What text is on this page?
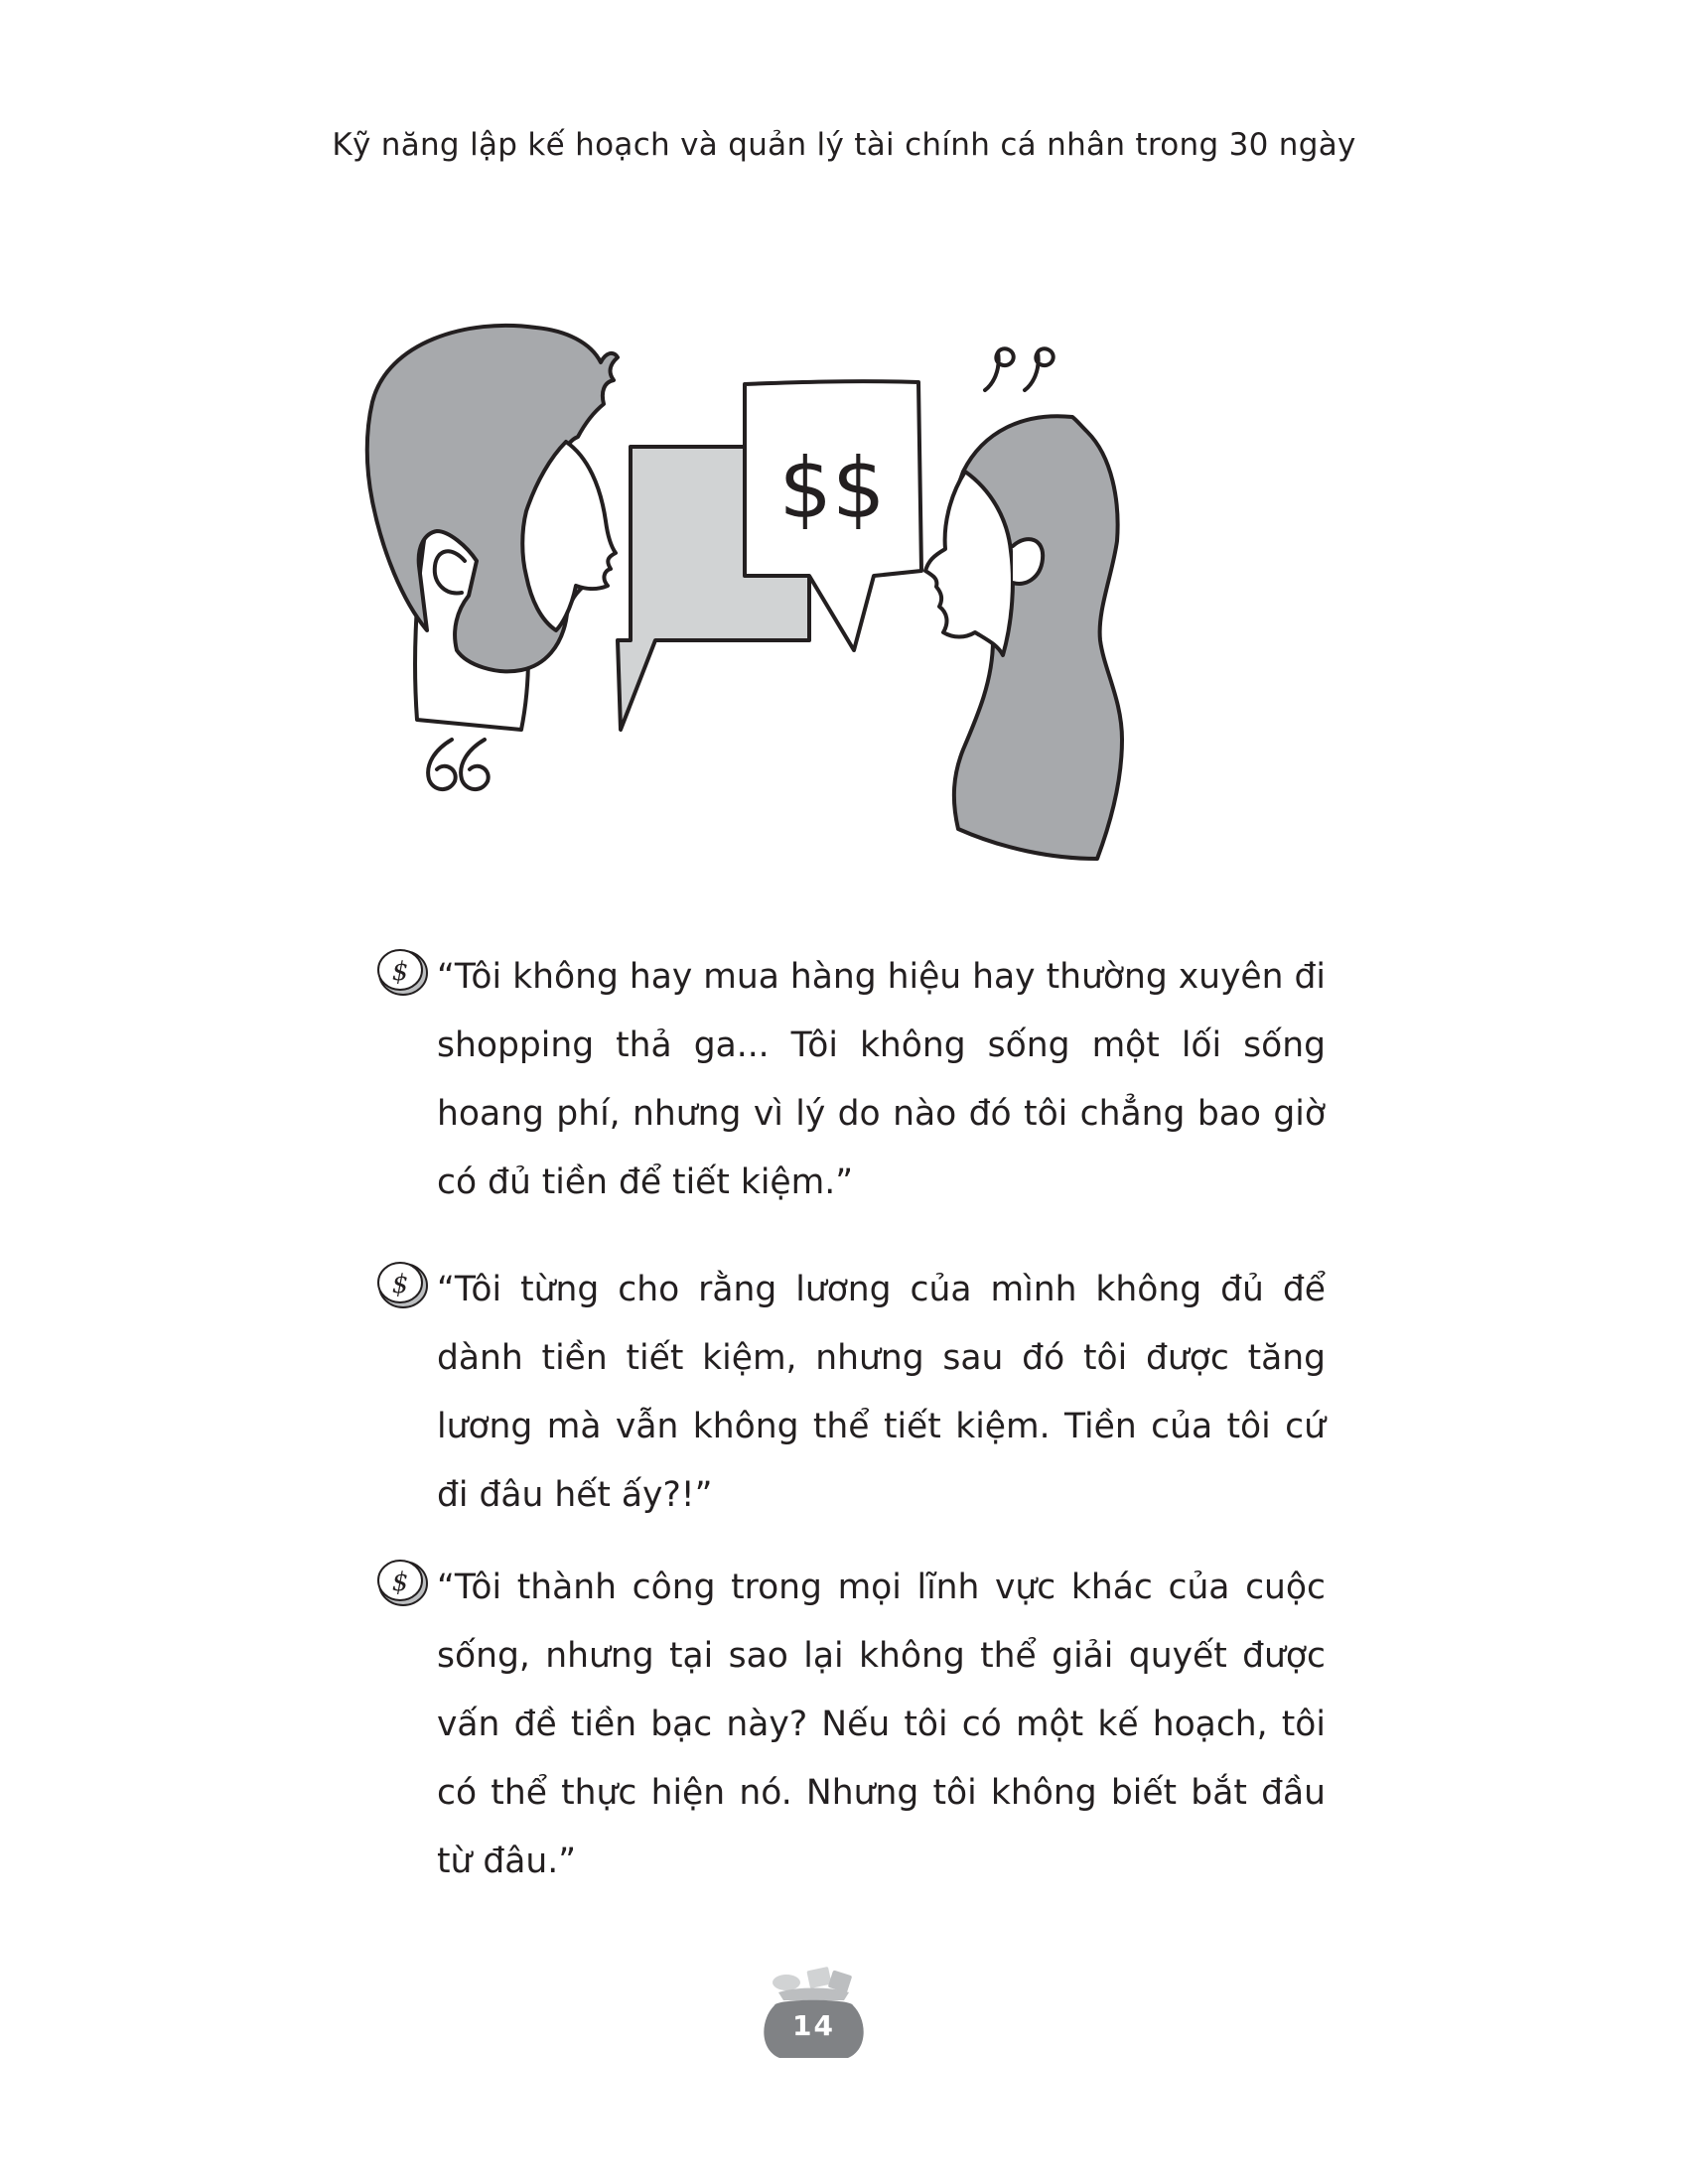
Kỹ năng lập kế hoạch và quản lý tài chính cá nhân trong 30 ngày
$$
$ “Tôi không hay mua hàng hiệu hay thường xuyên đi shopping thả ga... Tôi không sống một lối sống hoang phí, nhưng vì lý do nào đó tôi chẳng bao giờ có đủ tiền để tiết kiệm.”
$ “Tôi từng cho rằng lương của mình không đủ để dành tiền tiết kiệm, nhưng sau đó tôi được tăng lương mà vẫn không thể tiết kiệm. Tiền của tôi cứ đi đâu hết ấy?!”
$ “Tôi thành công trong mọi lĩnh vực khác của cuộc sống, nhưng tại sao lại không thể giải quyết được vấn đề tiền bạc này? Nếu tôi có một kế hoạch, tôi có thể thực hiện nó. Nhưng tôi không biết bắt đầu từ đâu.”
14
